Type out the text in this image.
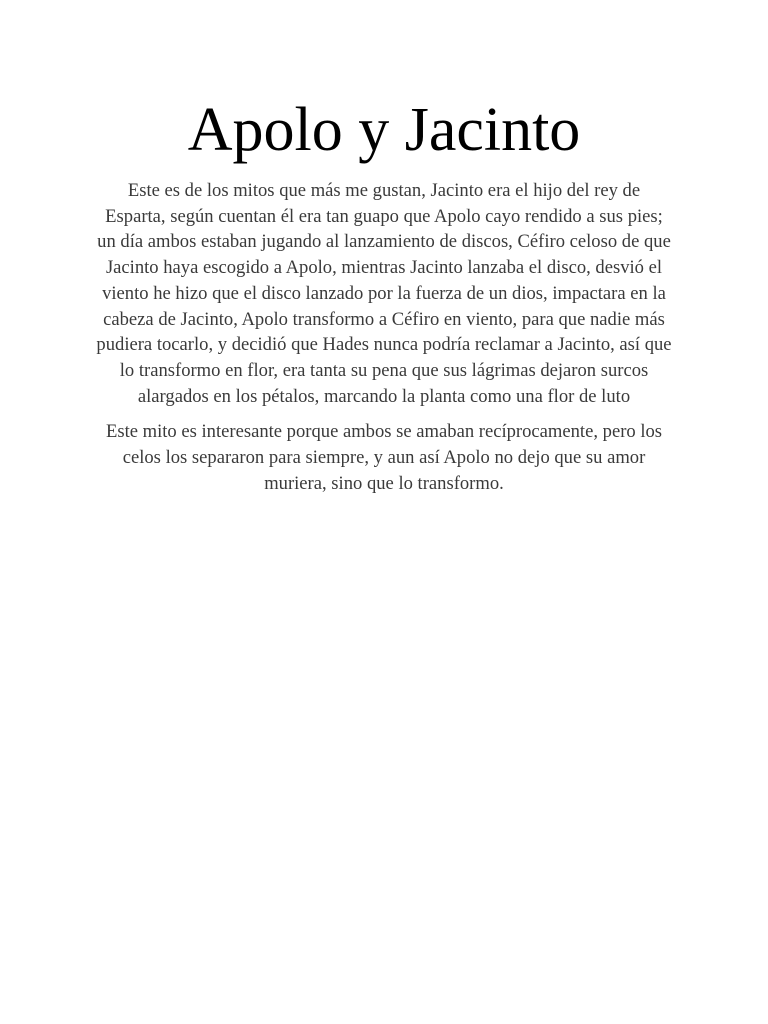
Apolo y Jacinto

Este es de los mitos que más me gustan, Jacinto era el hijo del rey de Esparta, según cuentan él era tan guapo que Apolo cayo rendido a sus pies; un día ambos estaban jugando al lanzamiento de discos, Céfiro celoso de que Jacinto haya escogido a Apolo, mientras Jacinto lanzaba el disco, desvió el viento he hizo que el disco lanzado por la fuerza de un dios, impactara en la cabeza de Jacinto, Apolo transformo a Céfiro en viento, para que nadie más pudiera tocarlo, y decidió que Hades nunca podría reclamar a Jacinto, así que lo transformo en flor, era tanta su pena que sus lágrimas dejaron surcos alargados en los pétalos, marcando la planta como una flor de luto

Este mito es interesante porque ambos se amaban recíprocamente, pero los celos los separaron para siempre, y aun así Apolo no dejo que su amor muriera, sino que lo transformo.
